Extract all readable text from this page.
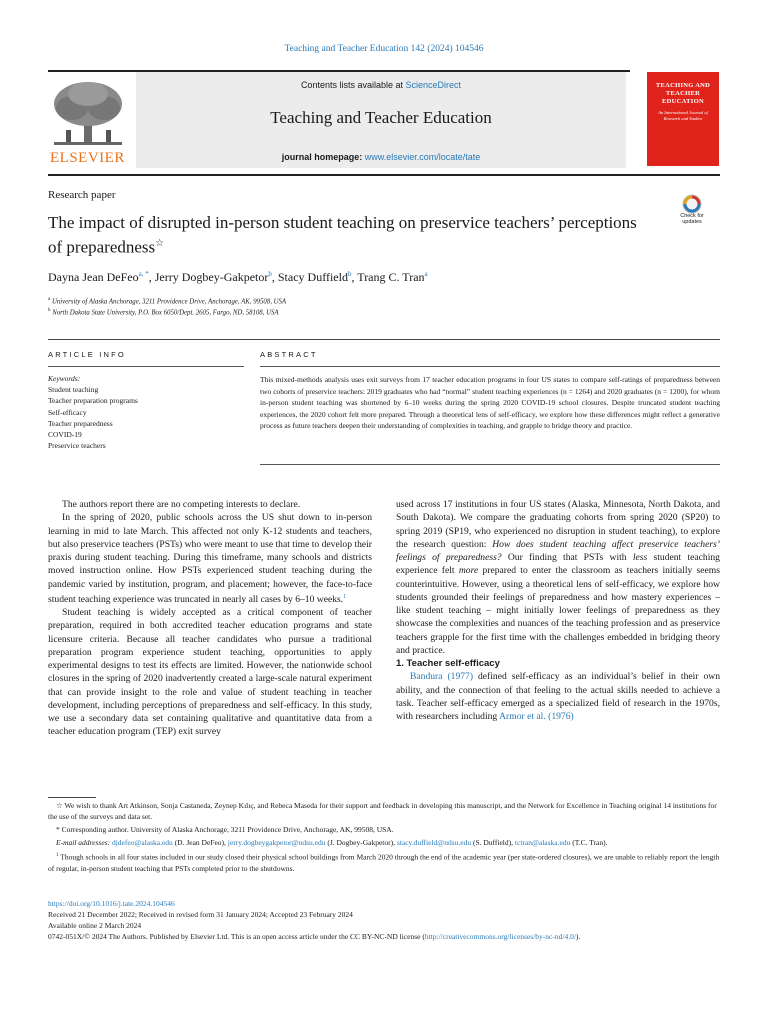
Teaching and Teacher Education 142 (2024) 104546
ELSEVIER
Contents lists available at ScienceDirect
Teaching and Teacher Education
journal homepage: www.elsevier.com/locate/tate
TEACHING AND TEACHER EDUCATION
An International Journal of Research and Studies
Research paper
The impact of disrupted in-person student teaching on preservice teachers’ perceptions of preparedness☆
Check for
updates
Dayna Jean DeFeo$^{a, *}$, Jerry Dogbey-Gakpetor$^b$, Stacy Duffield$^b$, Trang C. Tran$^a$
$^a$ University of Alaska Anchorage, 3211 Providence Drive, Anchorage, AK, 99508, USA
$^b$ North Dakota State University, P.O. Box 6050/Dept. 2605, Fargo, ND, 58108, USA
ARTICLE INFO	ABSTRACT
Keywords:
Student teaching
Teacher preparation programs
Self-efficacy
Teacher preparedness
COVID-19
Preservice teachers
This mixed-methods analysis uses exit surveys from 17 teacher education programs in four US states to compare self-ratings of preparedness between two cohorts of preservice teachers: 2019 graduates who had “normal” student teaching experiences (n = 1264) and 2020 graduates (n = 1200), for whom in-person student teaching was shortened by 6–10 weeks during the spring 2020 COVID-19 school closures. Despite truncated student teaching experiences, the 2020 cohort felt more prepared. Through a theoretical lens of self-efficacy, we explore how these differences might reflect a generative process as future teachers deepen their understanding of complexities in teaching, and grapple to bridge theory and practice.

The authors report there are no competing interests to declare.

In the spring of 2020, public schools across the US shut down to in-person learning in mid to late March. This affected not only K-12 students and teachers, but also preservice teachers (PSTs) who were meant to use that time to develop their praxis during student teaching. During this timeframe, many schools and districts moved instruction online. How PSTs experienced student teaching during the pandemic varied by institution, program, and placement; however, the face-to-face student teaching experience was truncated in nearly all cases by 6–10 weeks.$^1$

Student teaching is widely accepted as a critical component of teacher preparation, required in both accredited teacher education programs and state licensure criteria. Because all teacher candidates who pursue a traditional preparation program experience student teaching, opportunities to apply experimental designs to test its effects are limited. However, the nationwide school closures in the spring of 2020 inadvertently created a large-scale natural experiment that can provide insight to the role and value of student teaching in teacher development, including perceptions of preparedness and self-efficacy. In this study, we use a secondary data set containing qualitative and quantitative data from a teacher education program (TEP) exit survey

used across 17 institutions in four US states (Alaska, Minnesota, North Dakota, and South Dakota). We compare the graduating cohorts from spring 2020 (SP20) to spring 2019 (SP19, who experienced no disruption in student teaching), to explore the research question: How does student teaching affect preservice teachers’ feelings of preparedness? Our finding that PSTs with less student teaching experience felt more prepared to enter the classroom as teachers initially seems counterintuitive. However, using a theoretical lens of self-efficacy, we explore how students grounded their feelings of preparedness and how mastery experiences – like student teaching – might initially lower feelings of preparedness as they showcase the complexities and nuances of the teaching profession and as preservice teachers grapple for the first time with the challenges embedded in bridging theory and practice.

1. Teacher self-efficacy

Bandura (1977) defined self-efficacy as an individual’s belief in their own ability, and the connection of that feeling to the actual skills needed to achieve a task. Teacher self-efficacy emerged as a specialized field of research in the 1970s, with researchers including Armor et al. (1976)

☆ We wish to thank Art Atkinson, Sonja Castaneda, Zeynep Kılıç, and Rebeca Maseda for their support and feedback in developing this manuscript, and the Network for Excellence in Teaching original 14 institutions for the use of the surveys and data set.

* Corresponding author. University of Alaska Anchorage, 3211 Providence Drive, Anchorage, AK, 99508, USA.

E-mail addresses: djdefeo@alaska.edu (D. Jean DeFeo), jerry.dogbeygakpetor@ndsu.edu (J. Dogbey-Gakpetor), stacy.duffield@ndsu.edu (S. Duffield), tctran@alaska.edu (T.C. Tran).

$^1$ Though schools in all four states included in our study closed their physical school buildings from March 2020 through the end of the academic year (per state-ordered closures), we are unable to reliably report the length of regular, in-person student teaching that PSTs completed prior to the shutdowns.

https://doi.org/10.1016/j.tate.2024.104546

Received 21 December 2022; Received in revised form 31 January 2024; Accepted 23 February 2024

Available online 2 March 2024

0742-051X/© 2024 The Authors. Published by Elsevier Ltd. This is an open access article under the CC BY-NC-ND license (http://creativecommons.org/licenses/by-nc-nd/4.0/).
